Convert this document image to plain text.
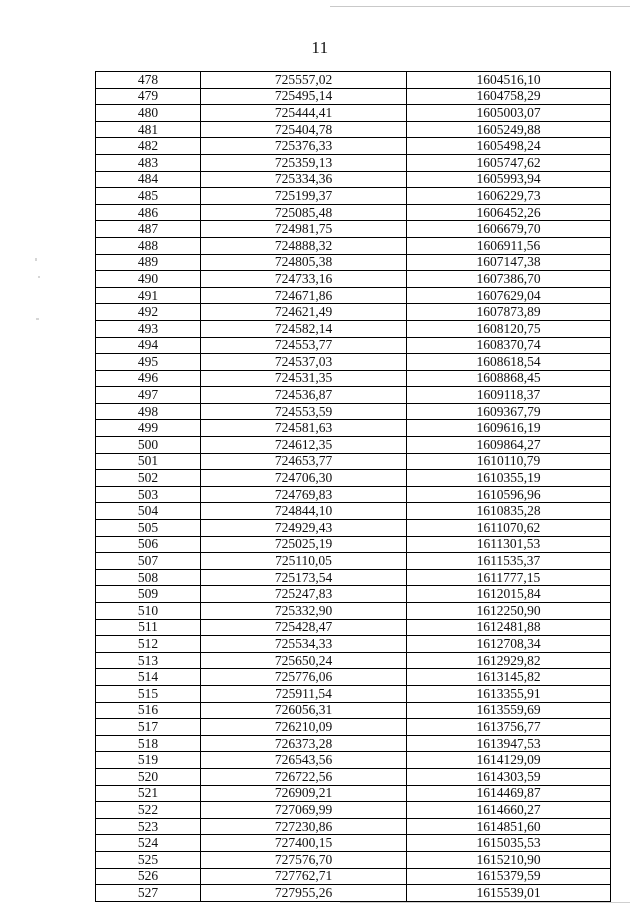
11
478	725557,02	1604516,10
479	725495,14	1604758,29
480	725444,41	1605003,07
481	725404,78	1605249,88
482	725376,33	1605498,24
483	725359,13	1605747,62
484	725334,36	1605993,94
485	725199,37	1606229,73
486	725085,48	1606452,26
487	724981,75	1606679,70
488	724888,32	1606911,56
489	724805,38	1607147,38
490	724733,16	1607386,70
491	724671,86	1607629,04
492	724621,49	1607873,89
493	724582,14	1608120,75
494	724553,77	1608370,74
495	724537,03	1608618,54
496	724531,35	1608868,45
497	724536,87	1609118,37
498	724553,59	1609367,79
499	724581,63	1609616,19
500	724612,35	1609864,27
501	724653,77	1610110,79
502	724706,30	1610355,19
503	724769,83	1610596,96
504	724844,10	1610835,28
505	724929,43	1611070,62
506	725025,19	1611301,53
507	725110,05	1611535,37
508	725173,54	1611777,15
509	725247,83	1612015,84
510	725332,90	1612250,90
511	725428,47	1612481,88
512	725534,33	1612708,34
513	725650,24	1612929,82
514	725776,06	1613145,82
515	725911,54	1613355,91
516	726056,31	1613559,69
517	726210,09	1613756,77
518	726373,28	1613947,53
519	726543,56	1614129,09
520	726722,56	1614303,59
521	726909,21	1614469,87
522	727069,99	1614660,27
523	727230,86	1614851,60
524	727400,15	1615035,53
525	727576,70	1615210,90
526	727762,71	1615379,59
527	727955,26	1615539,01
